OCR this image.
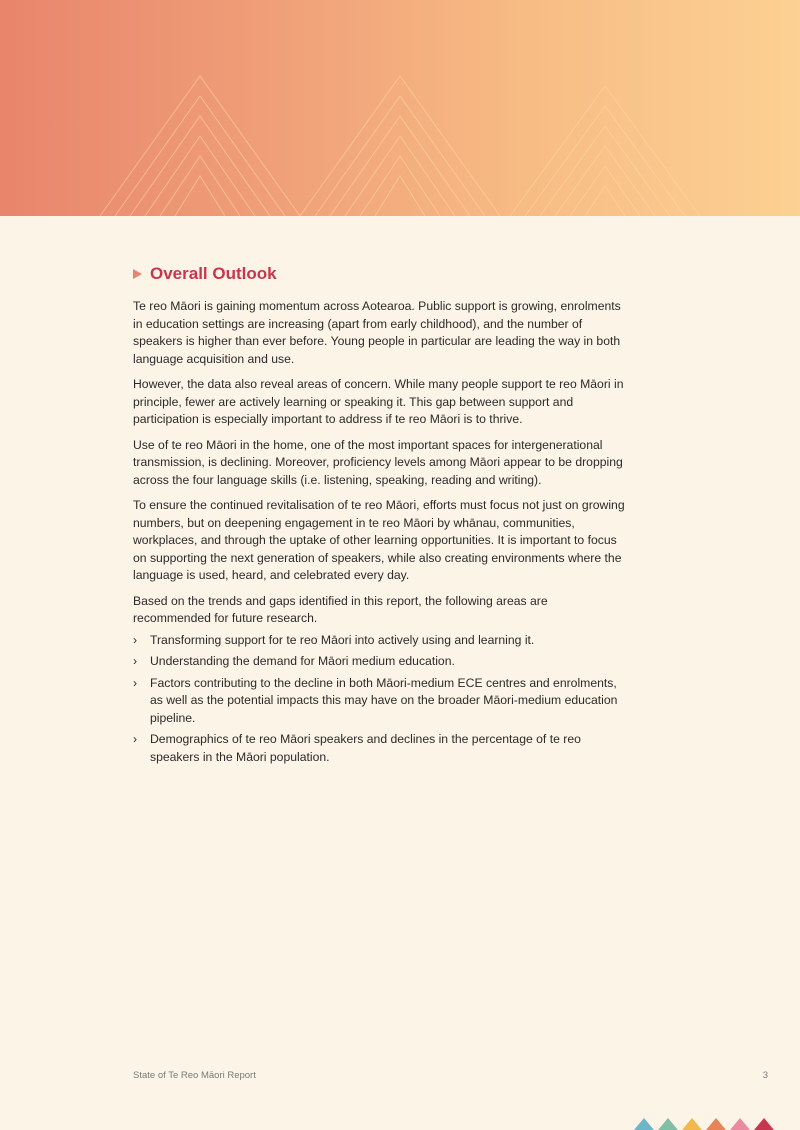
Overall Outlook

Te reo Māori is gaining momentum across Aotearoa. Public support is growing, enrolments in education settings are increasing (apart from early childhood), and the number of speakers is higher than ever before. Young people in particular are leading the way in both language acquisition and use.

However, the data also reveal areas of concern. While many people support te reo Māori in principle, fewer are actively learning or speaking it. This gap between support and participation is especially important to address if te reo Māori is to thrive.

Use of te reo Māori in the home, one of the most important spaces for intergenerational transmission, is declining. Moreover, proficiency levels among Māori appear to be dropping across the four language skills (i.e. listening, speaking, reading and writing).

To ensure the continued revitalisation of te reo Māori, efforts must focus not just on growing numbers, but on deepening engagement in te reo Māori by whānau, communities, workplaces, and through the uptake of other learning opportunities. It is important to focus on supporting the next generation of speakers, while also creating environments where the language is used, heard, and celebrated every day.

Based on the trends and gaps identified in this report, the following areas are recommended for future research.

› Transforming support for te reo Māori into actively using and learning it.
› Understanding the demand for Māori medium education.
› Factors contributing to the decline in both Māori-medium ECE centres and enrolments, as well as the potential impacts this may have on the broader Māori-medium education pipeline.
› Demographics of te reo Māori speakers and declines in the percentage of te reo speakers in the Māori population.
State of Te Reo Māori Report	3
